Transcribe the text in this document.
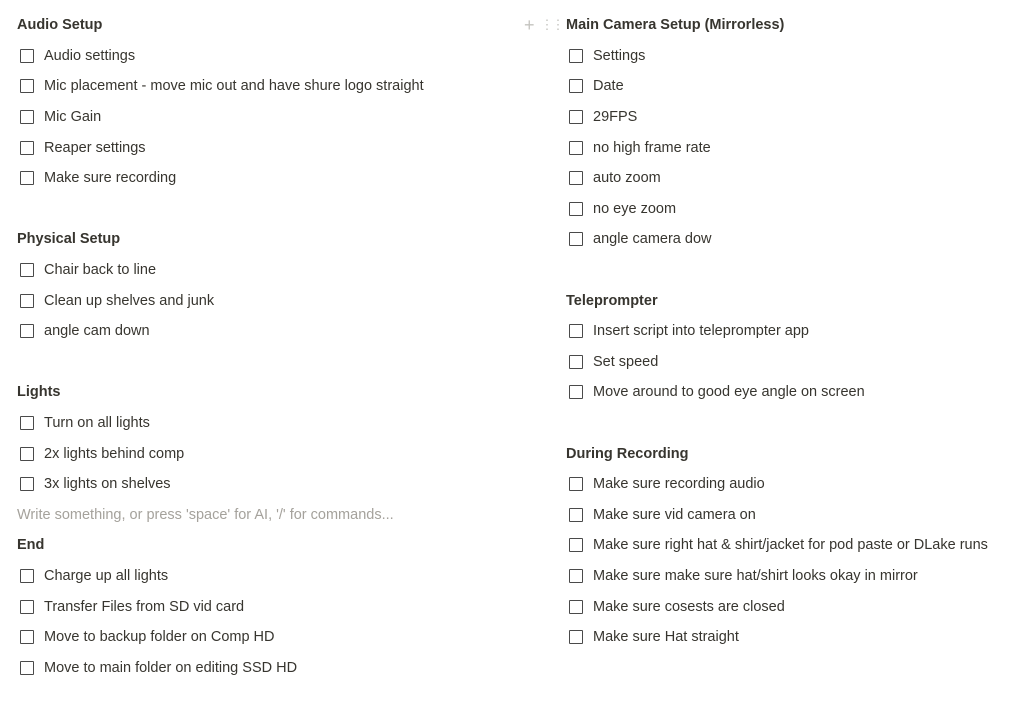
Audio Setup
Audio settings
Mic placement - move mic out and have shure logo straight
Mic Gain
Reaper settings
Make sure recording
Physical Setup
Chair back to line
Clean up shelves and junk
angle cam down
Lights
Turn on all lights
2x lights behind comp
3x lights on shelves
Write something, or press 'space' for AI, '/' for commands...
End
Charge up all lights
Transfer Files from SD vid card
Move to backup folder on Comp HD
Move to main folder on editing SSD HD
Main Camera Setup (Mirrorless)
+ ⋮⋮
Settings
Date
29FPS
no high frame rate
auto zoom
no eye zoom
angle camera dow
Teleprompter
Insert script into teleprompter app
Set speed
Move around to good eye angle on screen
During Recording
Make sure recording audio
Make sure vid camera on
Make sure right hat & shirt/jacket for pod paste or DLake runs
Make sure make sure hat/shirt looks okay in mirror
Make sure cosests are closed
Make sure Hat straight
